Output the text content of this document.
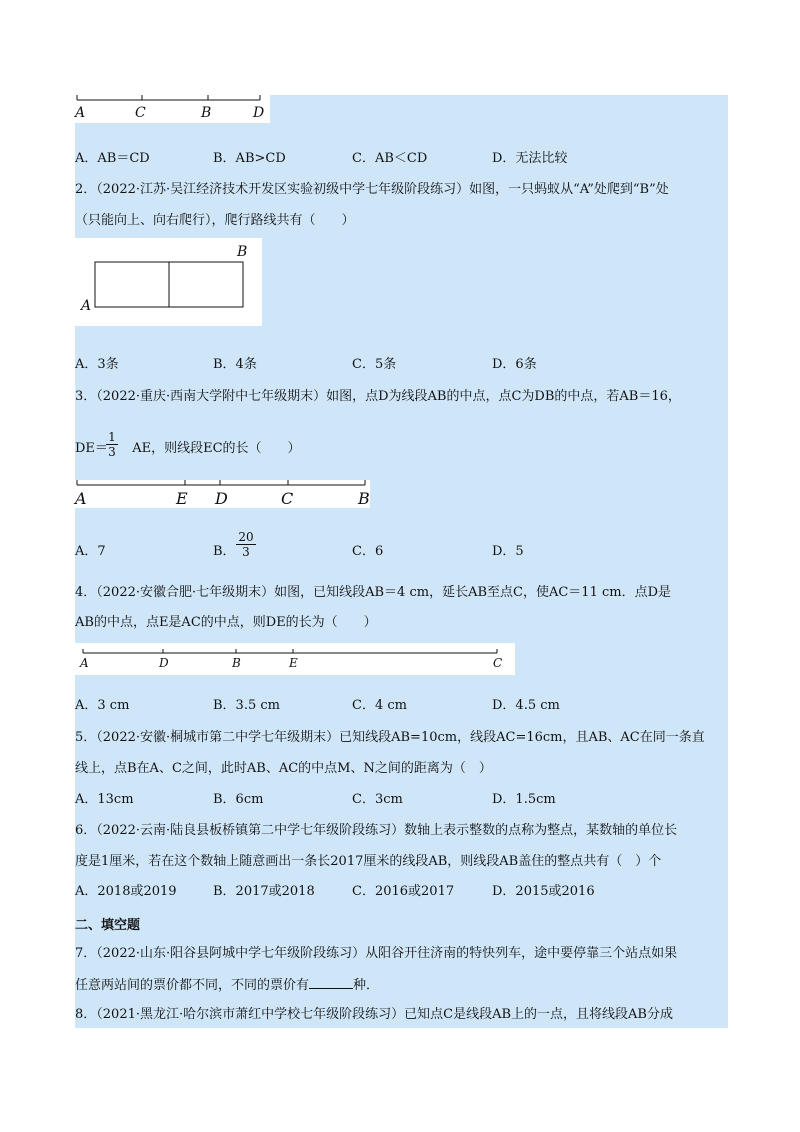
A	C	B	D
A．AB＝CD	B．AB>CD	C．AB＜CD	D．无法比较
2．（2022·江苏·吴江经济技术开发区实验初级中学七年级阶段练习）如图，一只蚂蚁从“A”处爬到“B”处
（只能向上、向右爬行），爬行路线共有（　　）
B
A
A．3条	B．4条	C．5条	D．6条
3．（2022·重庆·西南大学附中七年级期末）如图，点D为线段AB的中点，点C为DB的中点，若AB＝16，
DE＝ AE，则线段EC的长（　　）
$\frac{1}{3}$
A	E D	C	B
A．7	B． $\frac{20}{3}$	C．6	D．5
4．（2022·安徽合肥·七年级期末）如图，已知线段AB＝4 cm，延长AB至点C，使AC＝11 cm．点D是
AB的中点，点E是AC的中点，则DE的长为（　　）
A	D	B	E	C
A．3 cm	B．3.5 cm	C．4 cm	D．4.5 cm
5．（2022·安徽·桐城市第二中学七年级期末）已知线段AB=10cm，线段AC=16cm，且AB、AC在同一条直
线上，点B在A、C之间，此时AB、AC的中点M、N之间的距离为（　）
A．13cm	B．6cm	C．3cm	D．1.5cm
6．（2022·云南·陆良县板桥镇第二中学七年级阶段练习）数轴上表示整数的点称为整点，某数轴的单位长
度是1厘米，若在这个数轴上随意画出一条长2017厘米的线段AB，则线段AB盖住的整点共有（　）个
A．2018或2019	B．2017或2018	C．2016或2017	D．2015或2016
二、填空题
7．（2022·山东·阳谷县阿城中学七年级阶段练习）从阳谷开往济南的特快列车，途中要停靠三个站点如果
任意两站间的票价都不同，不同的票价有	种．
8．（2021·黑龙江·哈尔滨市萧红中学校七年级阶段练习）已知点C是线段AB上的一点，且将线段AB分成
